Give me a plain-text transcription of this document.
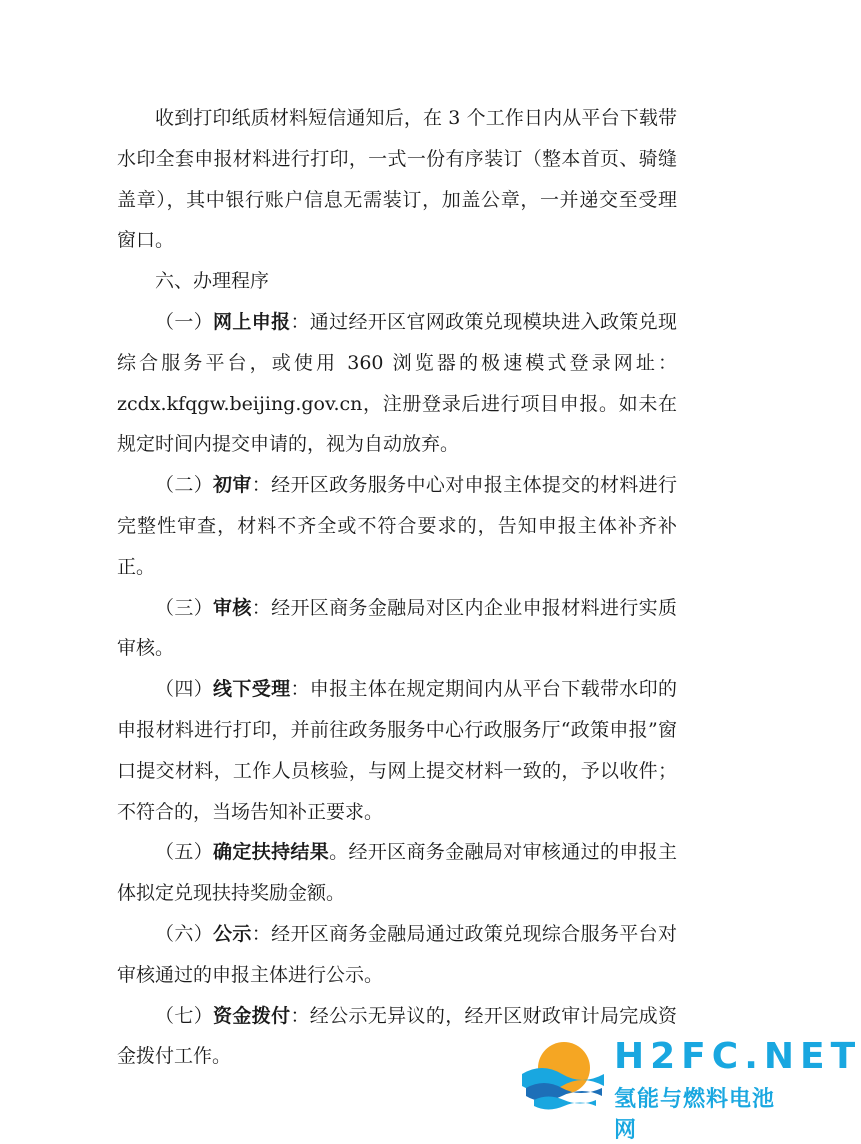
收到打印纸质材料短信通知后，在 3 个工作日内从平台下载带水印全套申报材料进行打印，一式一份有序装订（整本首页、骑缝盖章），其中银行账户信息无需装订，加盖公章，一并递交至受理窗口。

六、办理程序

（一）网上申报：通过经开区官网政策兑现模块进入政策兑现综合服务平台，或使用 360 浏览器的极速模式登录网址：zcdx.kfqgw.beijing.gov.cn，注册登录后进行项目申报。如未在规定时间内提交申请的，视为自动放弃。

（二）初审：经开区政务服务中心对申报主体提交的材料进行完整性审查，材料不齐全或不符合要求的，告知申报主体补齐补正。

（三）审核：经开区商务金融局对区内企业申报材料进行实质审核。

（四）线下受理：申报主体在规定期间内从平台下载带水印的申报材料进行打印，并前往政务服务中心行政服务厅“政策申报”窗口提交材料，工作人员核验，与网上提交材料一致的，予以收件；不符合的，当场告知补正要求。

（五）确定扶持结果。经开区商务金融局对审核通过的申报主体拟定兑现扶持奖励金额。

（六）公示：经开区商务金融局通过政策兑现综合服务平台对审核通过的申报主体进行公示。

（七）资金拨付：经公示无异议的，经开区财政审计局完成资金拨付工作。	H2FC.NET
氢能与燃料电池网
